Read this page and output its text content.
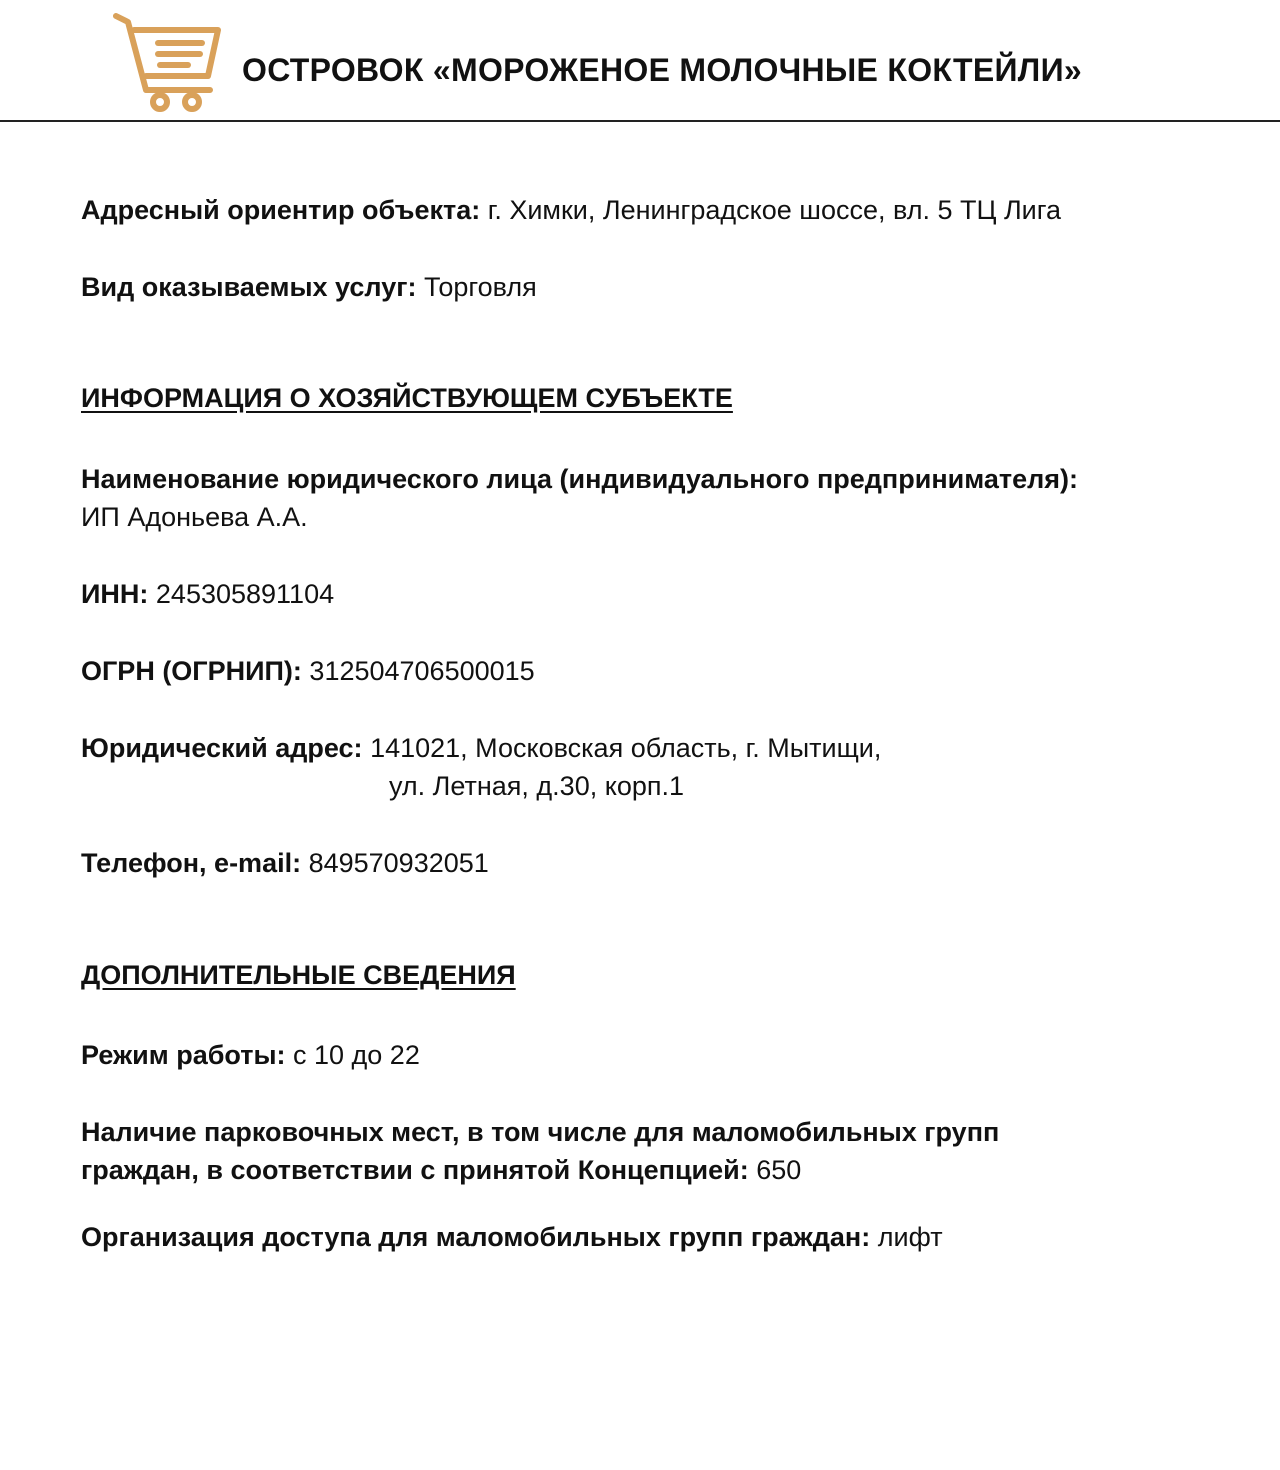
ОСТРОВОК «МОРОЖЕНОЕ МОЛОЧНЫЕ КОКТЕЙЛИ»
Адресный ориентир объекта: г. Химки, Ленинградское шоссе, вл. 5 ТЦ Лига
Вид оказываемых услуг: Торговля
ИНФОРМАЦИЯ О ХОЗЯЙСТВУЮЩЕМ СУБЪЕКТЕ
Наименование юридического лица (индивидуального предпринимателя):
ИП Адоньева А.А.
ИНН: 245305891104
ОГРН (ОГРНИП): 312504706500015
Юридический адрес: 141021, Московская область, г. Мытищи,
ул. Летная, д.30, корп.1
Телефон, e-mail: 849570932051
ДОПОЛНИТЕЛЬНЫЕ СВЕДЕНИЯ
Режим работы: с 10 до 22
Наличие парковочных мест, в том числе для маломобильных групп
граждан, в соответствии с принятой Концепцией: 650
Организация доступа для маломобильных групп граждан: лифт
